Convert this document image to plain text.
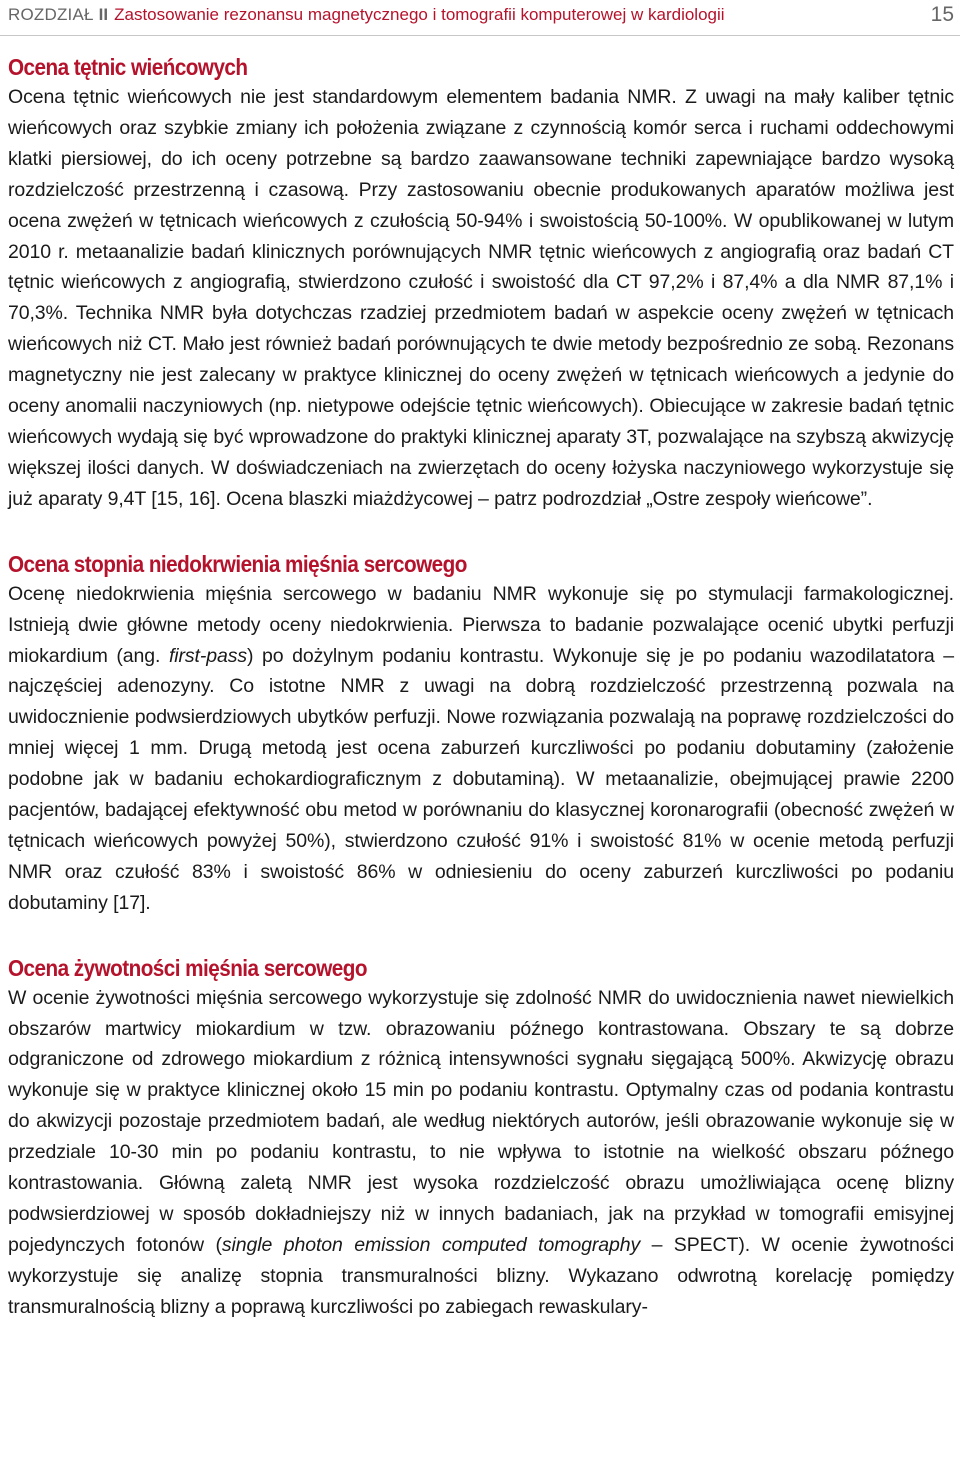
ROZDZIAŁ II Zastosowanie rezonansu magnetycznego i tomografii komputerowej w kardiologii	15
Ocena tętnic wieńcowych

Ocena tętnic wieńcowych nie jest standardowym elementem badania NMR. Z uwagi na mały kaliber tętnic wieńcowych oraz szybkie zmiany ich położenia związane z czynnością komór serca i ruchami oddechowymi klatki piersiowej, do ich oceny potrzebne są bardzo zaawansowane techniki zapewniające bardzo wysoką rozdzielczość przestrzenną i czasową. Przy zastosowaniu obecnie produkowanych aparatów możliwa jest ocena zwężeń w tętnicach wieńcowych z czułością 50-94% i swoistością 50-100%. W opublikowanej w lutym 2010 r. metaanalizie badań klinicznych porównujących NMR tętnic wieńcowych z angiografią oraz badań CT tętnic wieńcowych z angiografią, stwierdzono czułość i swoistość dla CT 97,2% i 87,4% a dla NMR 87,1% i 70,3%. Technika NMR była dotychczas rzadziej przedmiotem badań w aspekcie oceny zwężeń w tętnicach wieńcowych niż CT. Mało jest również badań porównujących te dwie metody bezpośrednio ze sobą. Rezonans magnetyczny nie jest zalecany w praktyce klinicznej do oceny zwężeń w tętnicach wieńcowych a jedynie do oceny anomalii naczyniowych (np. nietypowe odejście tętnic wieńcowych). Obiecujące w zakresie badań tętnic wieńcowych wydają się być wprowadzone do praktyki klinicznej aparaty 3T, pozwalające na szybszą akwizycję większej ilości danych. W doświadczeniach na zwierzętach do oceny łożyska naczyniowego wykorzystuje się już aparaty 9,4T [15, 16]. Ocena blaszki miażdżycowej – patrz podrozdział „Ostre zespoły wieńcowe”.

Ocena stopnia niedokrwienia mięśnia sercowego

Ocenę niedokrwienia mięśnia sercowego w badaniu NMR wykonuje się po stymulacji farmakologicznej. Istnieją dwie główne metody oceny niedokrwienia. Pierwsza to badanie pozwalające ocenić ubytki perfuzji miokardium (ang. first-pass) po dożylnym podaniu kontrastu. Wykonuje się je po podaniu wazodilatatora – najczęściej adenozyny. Co istotne NMR z uwagi na dobrą rozdzielczość przestrzenną pozwala na uwidocznienie podwsierdziowych ubytków perfuzji. Nowe rozwiązania pozwalają na poprawę rozdzielczości do mniej więcej 1 mm. Drugą metodą jest ocena zaburzeń kurczliwości po podaniu dobutaminy (założenie podobne jak w badaniu echokardiograficznym z dobutaminą). W metaanalizie, obejmującej prawie 2200 pacjentów, badającej efektywność obu metod w porównaniu do klasycznej koronarografii (obecność zwężeń w tętnicach wieńcowych powyżej 50%), stwierdzono czułość 91% i swoistość 81% w ocenie metodą perfuzji NMR oraz czułość 83% i swoistość 86% w odniesieniu do oceny zaburzeń kurczliwości po podaniu dobutaminy [17].

Ocena żywotności mięśnia sercowego

W ocenie żywotności mięśnia sercowego wykorzystuje się zdolność NMR do uwidocznienia nawet niewielkich obszarów martwicy miokardium w tzw. obrazowaniu późnego kontrastowana. Obszary te są dobrze odgraniczone od zdrowego miokardium z różnicą intensywności sygnału sięgającą 500%. Akwizycję obrazu wykonuje się w praktyce klinicznej około 15 min po podaniu kontrastu. Optymalny czas od podania kontrastu do akwizycji pozostaje przedmiotem badań, ale według niektórych autorów, jeśli obrazowanie wykonuje się w przedziale 10-30 min po podaniu kontrastu, to nie wpływa to istotnie na wielkość obszaru późnego kontrastowania. Główną zaletą NMR jest wysoka rozdzielczość obrazu umożliwiająca ocenę blizny podwsierdziowej w sposób dokładniejszy niż w innych badaniach, jak na przykład w tomografii emisyjnej pojedynczych fotonów (single photon emission computed tomography – SPECT). W ocenie żywotności wykorzystuje się analizę stopnia transmuralności blizny. Wykazano odwrotną korelację pomiędzy transmuralnością blizny a poprawą kurczliwości po zabiegach rewaskulary-
